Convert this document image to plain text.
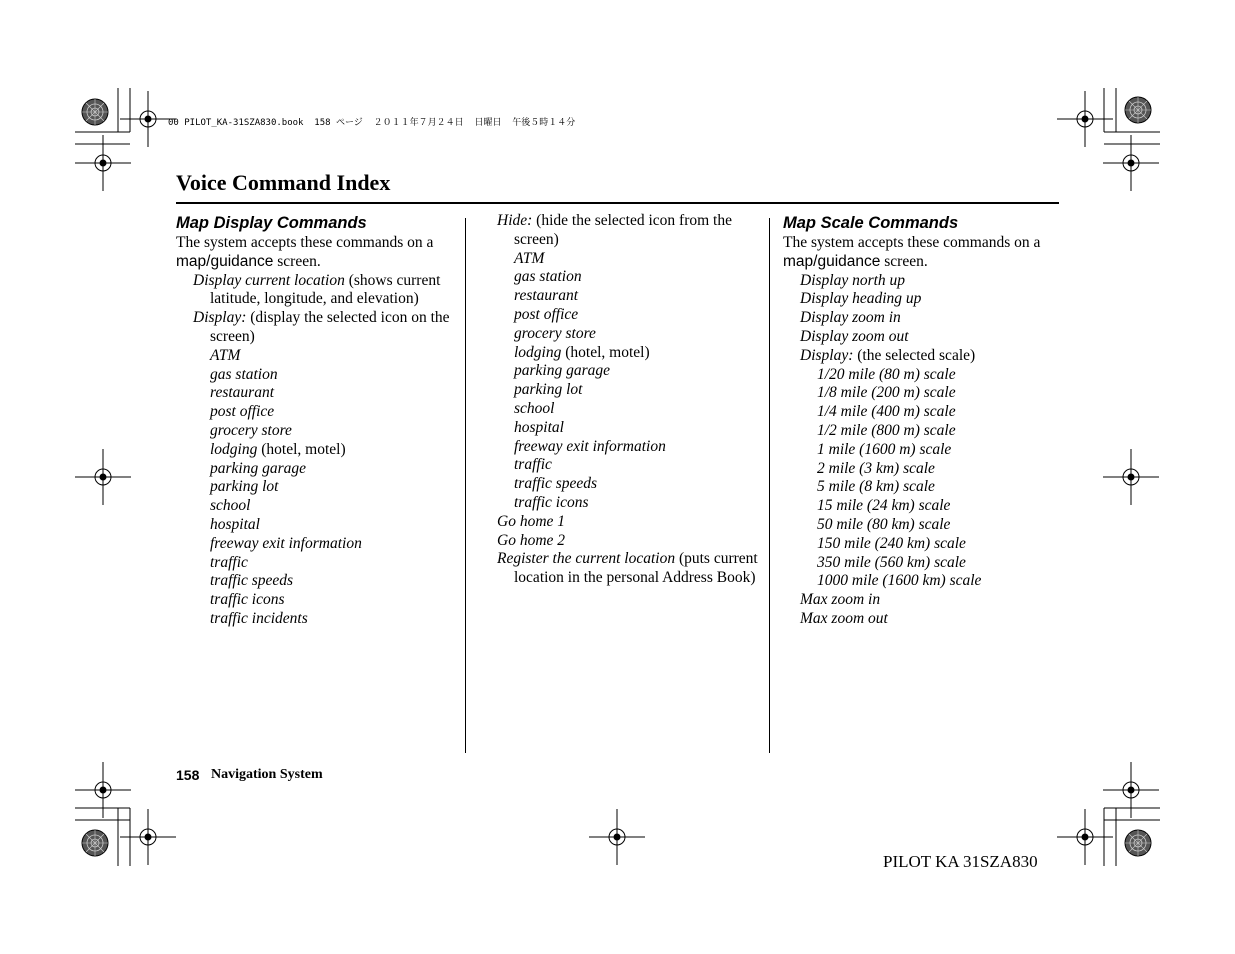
00 PILOT_KA-31SZA830.book  158 ページ  ２０１１年７月２４日  日曜日  午後５時１４分
Voice Command Index
Map Display Commands

The system accepts these commands on a map/guidance screen.

Display current location (shows current latitude, longitude, and elevation)
Display: (display the selected icon on the screen)
ATM
gas station
restaurant
post office
grocery store
lodging (hotel, motel)
parking garage
parking lot
school
hospital
freeway exit information
traffic
traffic speeds
traffic icons
traffic incidents
Hide: (hide the selected icon from the screen)
ATM
gas station
restaurant
post office
grocery store
lodging (hotel, motel)
parking garage
parking lot
school
hospital
freeway exit information
traffic
traffic speeds
traffic icons
Go home 1
Go home 2
Register the current location (puts current location in the personal Address Book)
Map Scale Commands

The system accepts these commands on a map/guidance screen.

Display north up
Display heading up
Display zoom in
Display zoom out
Display: (the selected scale)
1/20 mile (80 m) scale
1/8 mile (200 m) scale
1/4 mile (400 m) scale
1/2 mile (800 m) scale
1 mile (1600 m) scale
2 mile (3 km) scale
5 mile (8 km) scale
15 mile (24 km) scale
50 mile (80 km) scale
150 mile (240 km) scale
350 mile (560 km) scale
1000 mile (1600 km) scale
Max zoom in
Max zoom out
158 Navigation System
PILOT KA 31SZA830
